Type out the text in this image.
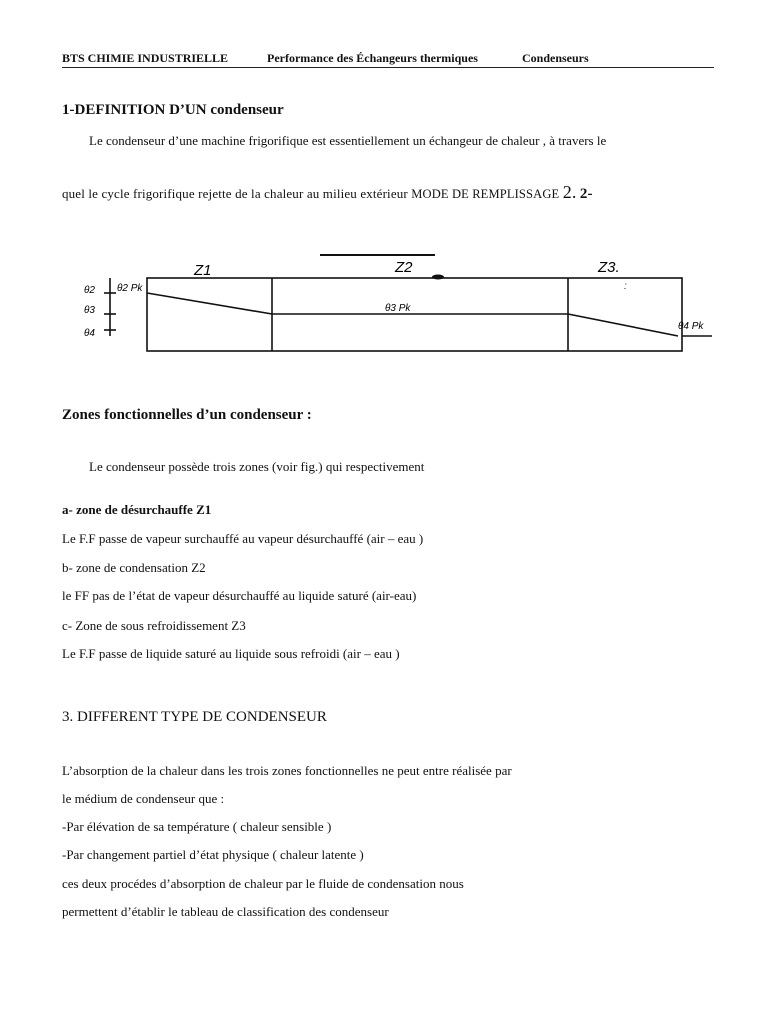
BTS CHIMIE INDUSTRIELLE	Performance des Échangeurs thermiques	Condenseurs
1-DEFINITION D’UN condenseur
Le condenseur d’une machine frigorifique est essentiellement un échangeur de chaleur , à travers le
quel le cycle frigorifique rejette de la chaleur au milieu extérieur MODE DE REMPLISSAGE 2. 2-
:
Z1	Z2	Z3.
θ2
θ3
θ4
θ2 Pk
θ3 Pk
θ4 Pk
Zones fonctionnelles d’un condenseur :
Le condenseur possède trois zones (voir fig.) qui respectivement
a- zone de désurchauffe Z1
Le F.F passe de vapeur surchauffé au vapeur désurchauffé (air – eau )
b- zone de condensation Z2
le FF pas de l’état de vapeur désurchauffé au liquide saturé (air-eau)
c- Zone de sous refroidissement Z3
Le F.F passe de liquide saturé au liquide sous refroidi (air – eau )
3. DIFFERENT TYPE DE CONDENSEUR
L’absorption de la chaleur dans les trois zones fonctionnelles ne peut entre réalisée par
le médium de condenseur que :
-Par élévation de sa température ( chaleur sensible )
-Par changement partiel d’état physique ( chaleur latente )
ces deux procédes d’absorption de chaleur par le fluide de condensation nous
permettent d’établir le tableau de classification des condenseur
